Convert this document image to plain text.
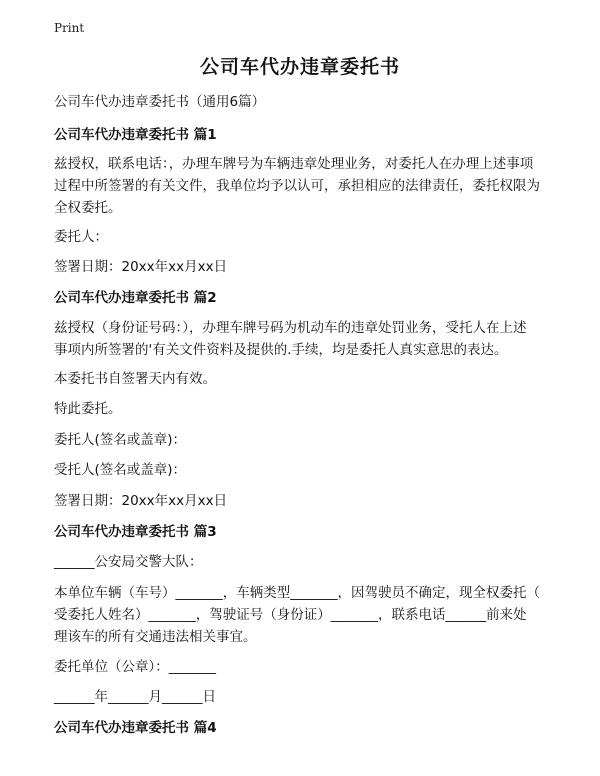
Print
公司车代办违章委托书
公司车代办违章委托书（通用6篇）
公司车代办违章委托书 篇1
兹授权，联系电话：，办理车牌号为车辆违章处理业务，对委托人在办理上述事项
过程中所签署的有关文件，我单位均予以认可，承担相应的法律责任，委托权限为
全权委托。
委托人：
签署日期：20xx年xx月xx日
公司车代办违章委托书 篇2
兹授权（身份证号码：），办理车牌号码为机动车的违章处罚业务，受托人在上述
事项内所签署的'有关文件资料及提供的.手续，均是委托人真实意思的表达。
本委托书自签署天内有效。
特此委托。
委托人(签名或盖章)：
受托人(签名或盖章)：
签署日期：20xx年xx月xx日
公司车代办违章委托书 篇3
______公安局交警大队：
本单位车辆（车号）_______，车辆类型_______，因驾驶员不确定，现全权委托（
受委托人姓名）_______，驾驶证号（身份证）_______，联系电话______前来处
理该车的所有交通违法相关事宜。
委托单位（公章）：_______
______年______月______日
公司车代办违章委托书 篇4
